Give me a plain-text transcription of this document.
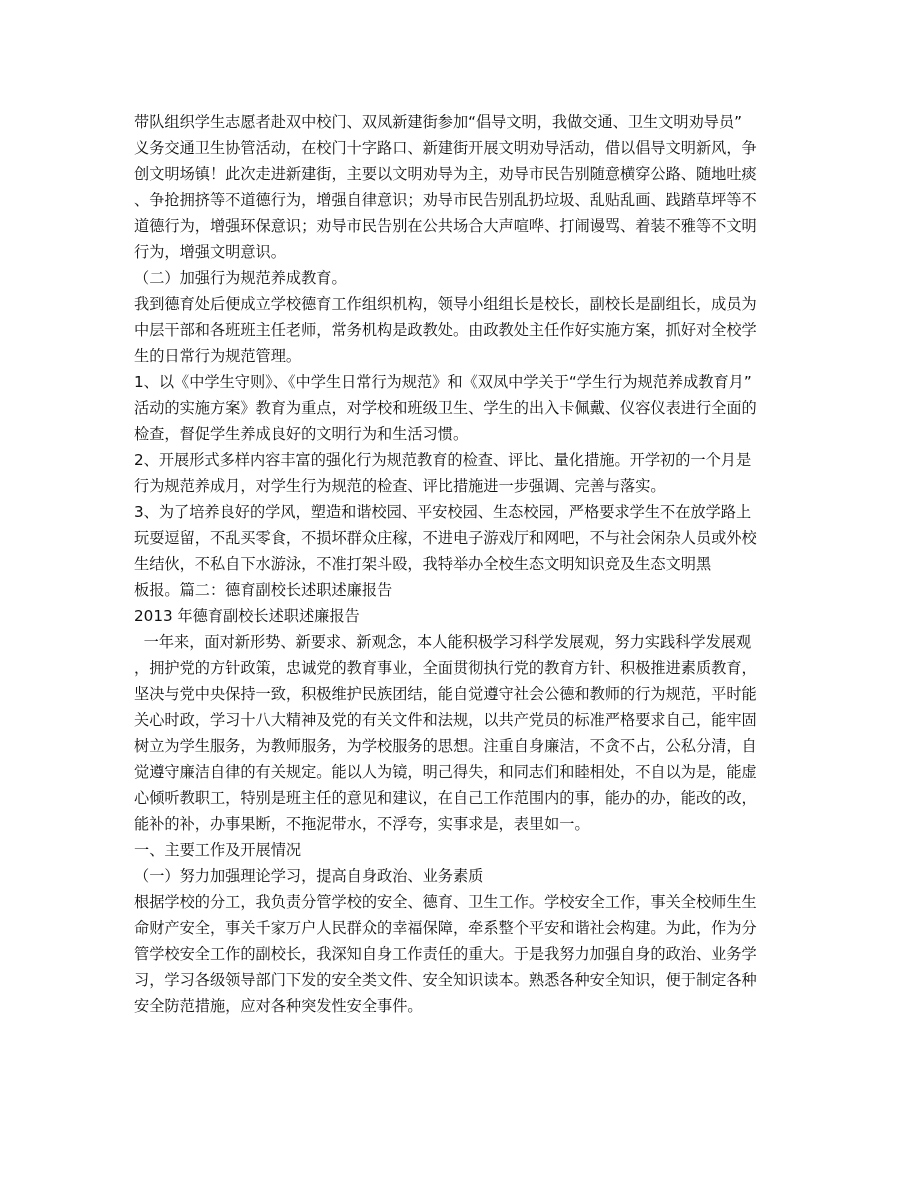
带队组织学生志愿者赴双中校门、双凤新建街参加“倡导文明，我做交通、卫生文明劝导员”
义务交通卫生协管活动，在校门十字路口、新建街开展文明劝导活动，借以倡导文明新风，争
创文明场镇！此次走进新建街，主要以文明劝导为主，劝导市民告别随意横穿公路、随地吐痰
、争抢拥挤等不道德行为，增强自律意识；劝导市民告别乱扔垃圾、乱贴乱画、践踏草坪等不
道德行为，增强环保意识；劝导市民告别在公共场合大声喧哗、打闹谩骂、着装不雅等不文明
行为，增强文明意识。
（二）加强行为规范养成教育。
我到德育处后便成立学校德育工作组织机构，领导小组组长是校长，副校长是副组长，成员为
中层干部和各班班主任老师，常务机构是政教处。由政教处主任作好实施方案，抓好对全校学
生的日常行为规范管理。
1、以《中学生守则》、《中学生日常行为规范》和《双凤中学关于“学生行为规范养成教育月”
活动的实施方案》教育为重点，对学校和班级卫生、学生的出入卡佩戴、仪容仪表进行全面的
检查，督促学生养成良好的文明行为和生活习惯。
2、开展形式多样内容丰富的强化行为规范教育的检查、评比、量化措施。开学初的一个月是
行为规范养成月，对学生行为规范的检查、评比措施进一步强调、完善与落实。
3、为了培养良好的学风，塑造和谐校园、平安校园、生态校园，严格要求学生不在放学路上
玩耍逗留，不乱买零食，不损坏群众庄稼，不进电子游戏厅和网吧，不与社会闲杂人员或外校
生结伙，不私自下水游泳，不准打架斗殴，我特举办全校生态文明知识竞及生态文明黑
板报。篇二：德育副校长述职述廉报告
2013 年德育副校长述职述廉报告
一年来，面对新形势、新要求、新观念，本人能积极学习科学发展观，努力实践科学发展观
，拥护党的方针政策，忠诚党的教育事业，全面贯彻执行党的教育方针、积极推进素质教育，
坚决与党中央保持一致，积极维护民族团结，能自觉遵守社会公德和教师的行为规范，平时能
关心时政，学习十八大精神及党的有关文件和法规，以共产党员的标准严格要求自己，能牢固
树立为学生服务，为教师服务，为学校服务的思想。注重自身廉洁，不贪不占，公私分清，自
觉遵守廉洁自律的有关规定。能以人为镜，明己得失，和同志们和睦相处，不自以为是，能虚
心倾听教职工，特别是班主任的意见和建议，在自己工作范围内的事，能办的办，能改的改，
能补的补，办事果断，不拖泥带水，不浮夸，实事求是，表里如一。
一、主要工作及开展情况
（一）努力加强理论学习，提高自身政治、业务素质
根据学校的分工，我负责分管学校的安全、德育、卫生工作。学校安全工作，事关全校师生生
命财产安全，事关千家万户人民群众的幸福保障，牵系整个平安和谐社会构建。为此，作为分
管学校安全工作的副校长，我深知自身工作责任的重大。于是我努力加强自身的政治、业务学
习，学习各级领导部门下发的安全类文件、安全知识读本。熟悉各种安全知识，便于制定各种
安全防范措施，应对各种突发性安全事件。
